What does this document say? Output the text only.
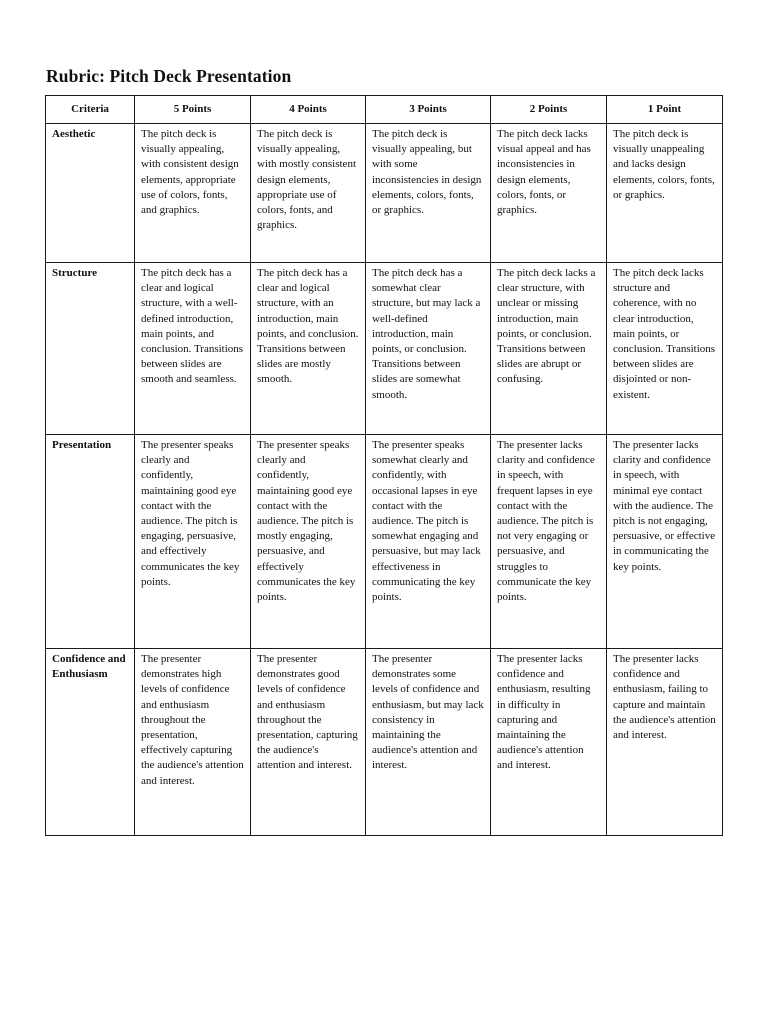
Rubric: Pitch Deck Presentation
Criteria	5 Points	4 Points	3 Points	2 Points	1 Point

Aesthetic	The pitch deck is visually appealing, with consistent design elements, appropriate use of colors, fonts, and graphics.	The pitch deck is visually appealing, with mostly consistent design elements, appropriate use of colors, fonts, and graphics.	The pitch deck is visually appealing, but with some inconsistencies in design elements, colors, fonts, or graphics.	The pitch deck lacks visual appeal and has inconsistencies in design elements, colors, fonts, or graphics.	The pitch deck is visually unappealing and lacks design elements, colors, fonts, or graphics.

Structure	The pitch deck has a clear and logical structure, with a well-defined introduction, main points, and conclusion. Transitions between slides are smooth and seamless.	The pitch deck has a clear and logical structure, with an introduction, main points, and conclusion. Transitions between slides are mostly smooth.	The pitch deck has a somewhat clear structure, but may lack a well-defined introduction, main points, or conclusion. Transitions between slides are somewhat smooth.	The pitch deck lacks a clear structure, with unclear or missing introduction, main points, or conclusion. Transitions between slides are abrupt or confusing.	The pitch deck lacks structure and coherence, with no clear introduction, main points, or conclusion. Transitions between slides are disjointed or non-existent.

Presentation	The presenter speaks clearly and confidently, maintaining good eye contact with the audience. The pitch is engaging, persuasive, and effectively communicates the key points.	The presenter speaks clearly and confidently, maintaining good eye contact with the audience. The pitch is mostly engaging, persuasive, and effectively communicates the key points.	The presenter speaks somewhat clearly and confidently, with occasional lapses in eye contact with the audience. The pitch is somewhat engaging and persuasive, but may lack effectiveness in communicating the key points.	The presenter lacks clarity and confidence in speech, with frequent lapses in eye contact with the audience. The pitch is not very engaging or persuasive, and struggles to communicate the key points.	The presenter lacks clarity and confidence in speech, with minimal eye contact with the audience. The pitch is not engaging, persuasive, or effective in communicating the key points.

Confidence and Enthusiasm	The presenter demonstrates high levels of confidence and enthusiasm throughout the presentation, effectively capturing the audience's attention and interest.	The presenter demonstrates good levels of confidence and enthusiasm throughout the presentation, capturing the audience's attention and interest.	The presenter demonstrates some levels of confidence and enthusiasm, but may lack consistency in maintaining the audience's attention and interest.	The presenter lacks confidence and enthusiasm, resulting in difficulty in capturing and maintaining the audience's attention and interest.	The presenter lacks confidence and enthusiasm, failing to capture and maintain the audience's attention and interest.
